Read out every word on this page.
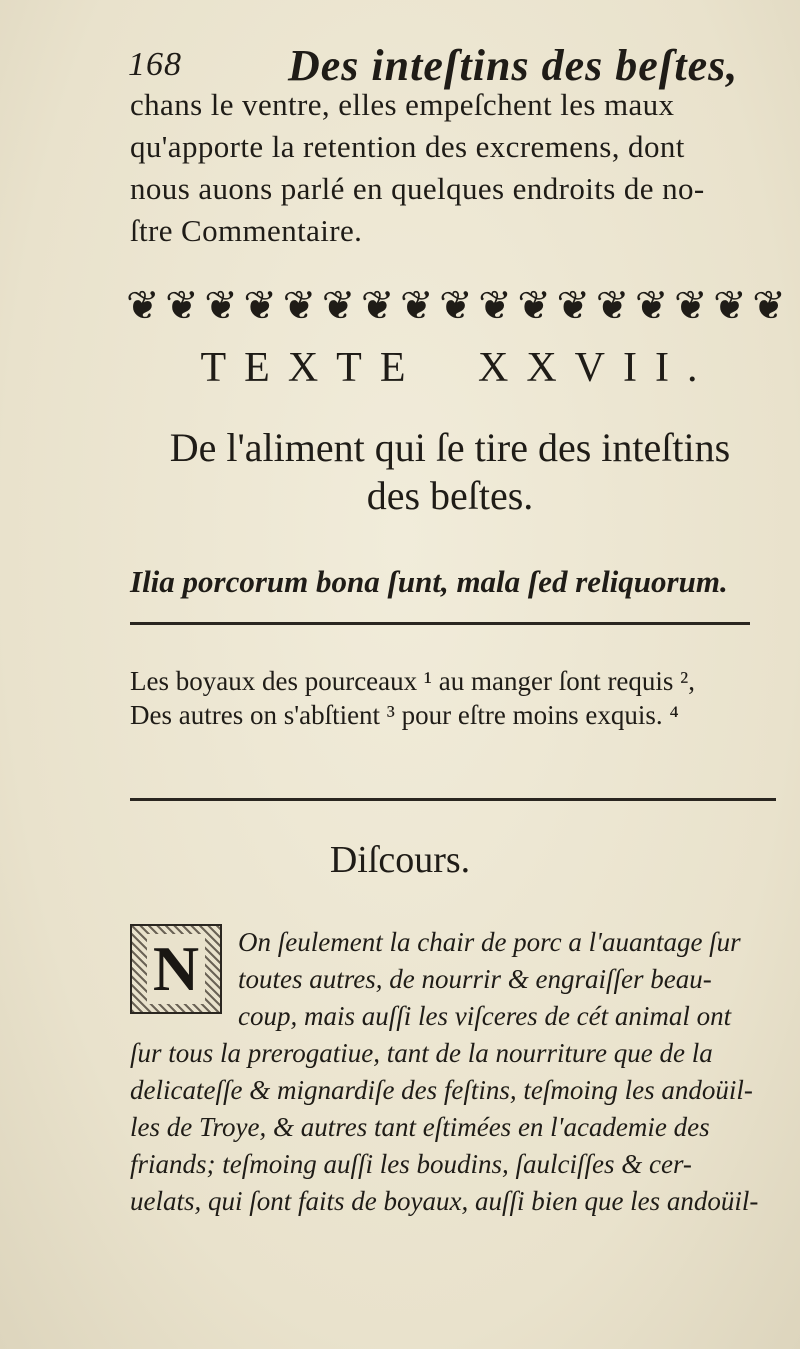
168 Des inteſtins des beſtes,
chans le ventre, elles empeſchent les maux
qu'apporte la retention des excremens, dont
nous auons parlé en quelques endroits de no-
ſtre Commentaire.
❦ ❦ ❦ ❦ ❦ ❦ ❦ ❦ ❦ ❦ ❦ ❦ ❦ ❦ ❦ ❦ ❦
TEXTE XXVII.
De l'aliment qui ſe tire des inteſtins
des beſtes.
Ilia porcorum bona ſunt, mala ſed reliquorum.
Les boyaux des pourceaux ¹ au manger ſont requis ²,
Des autres on s'abſtient ³ pour eſtre moins exquis. ⁴
Diſcours.
On ſeulement la chair de porc a l'auantage ſur
toutes autres, de nourrir & engraiſſer beau-
coup, mais auſſi les viſceres de cét animal ont
ſur tous la prerogatiue, tant de la nourriture que de la
delicateſſe & mignardiſe des feſtins, teſmoing les andoüil-
les de Troye, & autres tant eſtimées en l'academie des
friands; teſmoing auſſi les boudins, ſaulciſſes & cer-
uelats, qui ſont faits de boyaux, auſſi bien que les andoüil-
N
